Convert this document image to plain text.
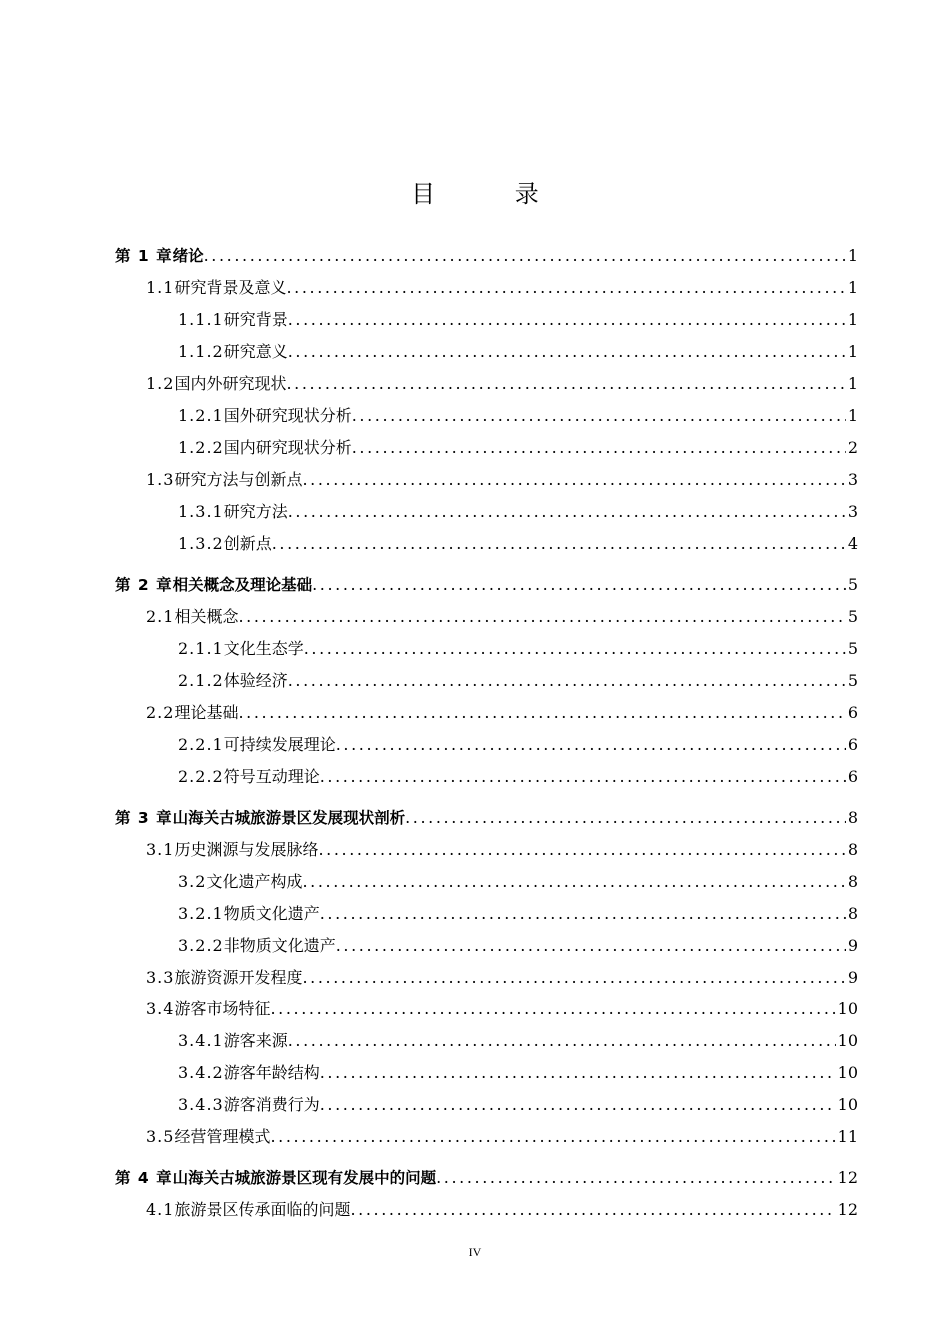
目 录
第 1 章 绪论 .....	1
1.1 研究背景及意义 .....	1
1.1.1 研究背景 .....	1
1.1.2 研究意义 .....	1
1.2 国内外研究现状 .....	1
1.2.1 国外研究现状分析 .....	1
1.2.2 国内研究现状分析 .....	2
1.3 研究方法与创新点 .....	3
1.3.1 研究方法 .....	3
1.3.2 创新点 .....	4
第 2 章 相关概念及理论基础 .....	5
2.1 相关概念 .....	5
2.1.1 文化生态学 .....	5
2.1.2 体验经济 .....	5
2.2 理论基础 .....	6
2.2.1 可持续发展理论 .....	6
2.2.2 符号互动理论 .....	6
第 3 章 山海关古城旅游景区发展现状剖析 .....	8
3.1 历史渊源与发展脉络 .....	8
3.2 文化遗产构成 .....	8
3.2.1 物质文化遗产 .....	8
3.2.2 非物质文化遗产 .....	9
3.3 旅游资源开发程度 .....	9
3.4 游客市场特征 .....	10
3.4.1 游客来源 .....	10
3.4.2 游客年龄结构 .....	10
3.4.3 游客消费行为 .....	10
3.5 经营管理模式 .....	11
第 4 章 山海关古城旅游景区现有发展中的问题 .....	12
4.1 旅游景区传承面临的问题 .....	12
IV
